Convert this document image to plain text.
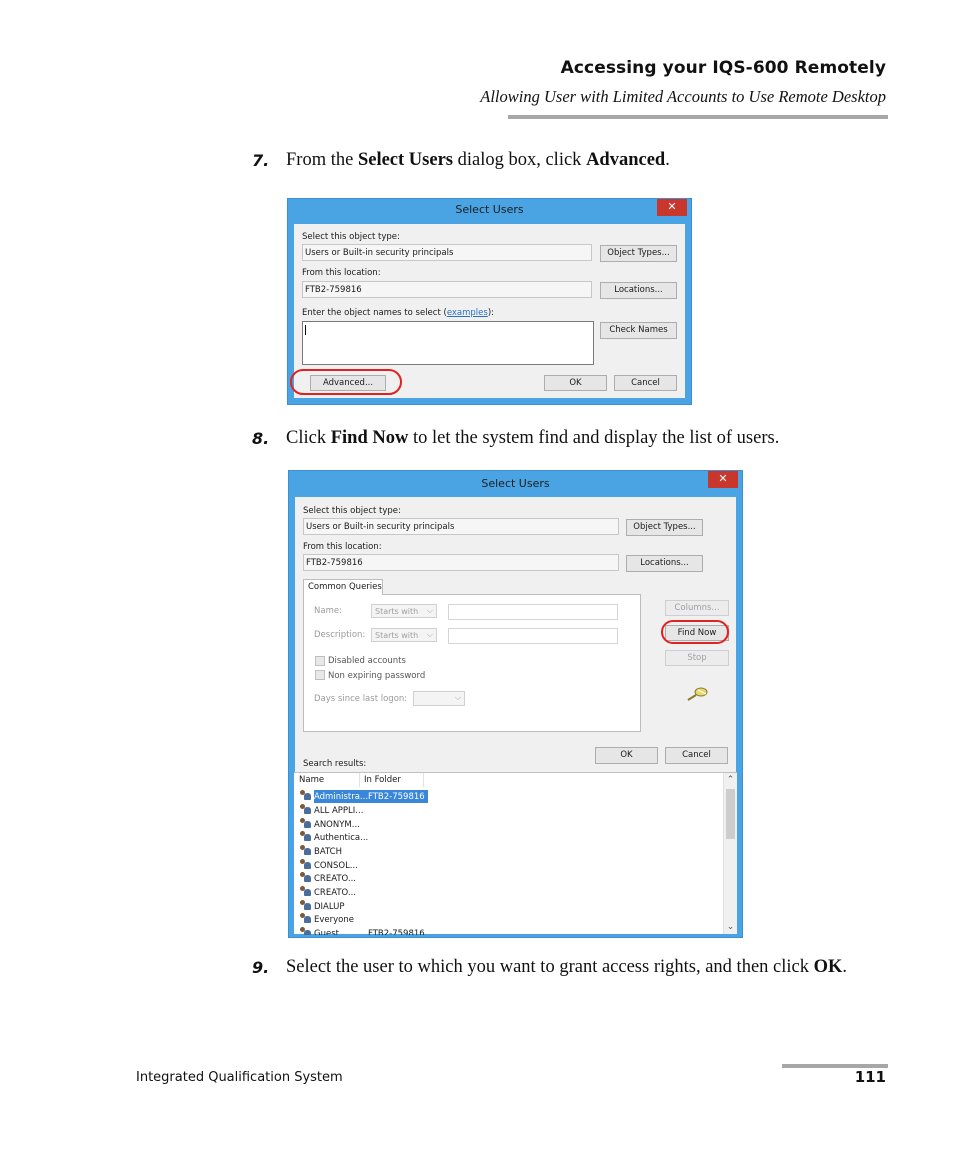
Accessing your IQS-600 Remotely
Allowing User with Limited Accounts to Use Remote Desktop
7. From the Select Users dialog box, click Advanced.
Select Users	✕
Select this object type:
Users or Built-in security principals	Object Types...
From this location:
FTB2-759816	Locations...
Enter the object names to select (examples):
Check Names
Advanced...	OK	Cancel
8. Click Find Now to let the system find and display the list of users.
Select Users	✕
Select this object type:
Users or Built-in security principals	Object Types...
From this location:
FTB2-759816	Locations...
Common Queries
Name:	Starts with ⌵
Description:	Starts with ⌵
Disabled accounts
Non expiring password
Days since last logon:	⌵
Columns...
Find Now
Stop
OK	Cancel
Search results:
Name	In Folder
Administra...FTB2-759816
ALL APPLI...
ANONYM...
Authentica...
BATCH
CONSOL...
CREATO...
CREATO...
DIALUP
Everyone
Guest	FTB2-759816
⌃
⌄
9. Select the user to which you want to grant access rights, and then click OK.
Integrated Qualification System	111
